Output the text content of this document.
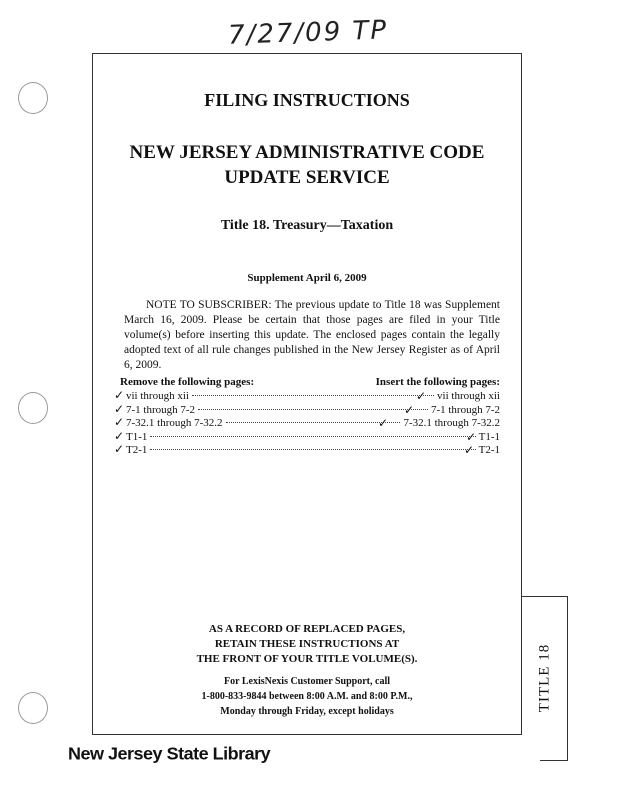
7/27/09 TP
TITLE 18
FILING INSTRUCTIONS
NEW JERSEY ADMINISTRATIVE CODE
UPDATE SERVICE
Title 18. Treasury—Taxation
Supplement April 6, 2009
NOTE TO SUBSCRIBER: The previous update to Title 18 was Supplement March 16, 2009. Please be certain that those pages are filed in your Title volume(s) before inserting this update. The enclosed pages contain the legally adopted text of all rule changes published in the New Jersey Register as of April 6, 2009.
Remove the following pages:	Insert the following pages:
✓ vii through xii	✓ vii through xii
✓ 7-1 through 7-2	✓ 7-1 through 7-2
✓ 7-32.1 through 7-32.2	✓ 7-32.1 through 7-32.2
✓ T1-1	✓ T1-1
✓ T2-1	✓ T2-1
AS A RECORD OF REPLACED PAGES,
RETAIN THESE INSTRUCTIONS AT
THE FRONT OF YOUR TITLE VOLUME(S).
For LexisNexis Customer Support, call
1-800-833-9844 between 8:00 A.M. and 8:00 P.M.,
Monday through Friday, except holidays
New Jersey State Library
